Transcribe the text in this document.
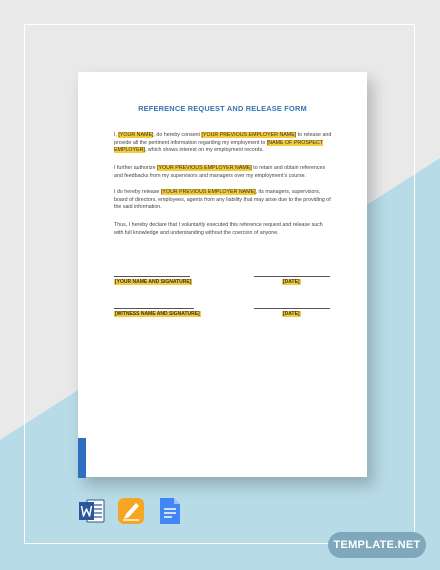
REFERENCE REQUEST AND RELEASE FORM
I, [YOUR NAME], do hereby consent [YOUR PREVIOUS EMPLOYER NAME] to release and provide all the pertinent information regarding my employment to [NAME OF PROSPECT EMPLOYER], which shows interest on my employment records.
I further authorize [YOUR PREVIOUS EMPLOYER NAME] to retain and obtain references and feedbacks from my supervisors and managers over my employment's course.
I do hereby release [YOUR PREVIOUS EMPLOYER NAME], its managers, supervisors, board of directors, employees, agents from any liability that may arise due to the providing of the said information.
Thus, I hereby declare that I voluntarily executed this reference request and release such with full knowledge and understanding without the coercion of anyone.
[YOUR NAME AND SIGNATURE]	[DATE]
[WITNESS NAME AND SIGNATURE]	[DATE]
TEMPLATE.NET
